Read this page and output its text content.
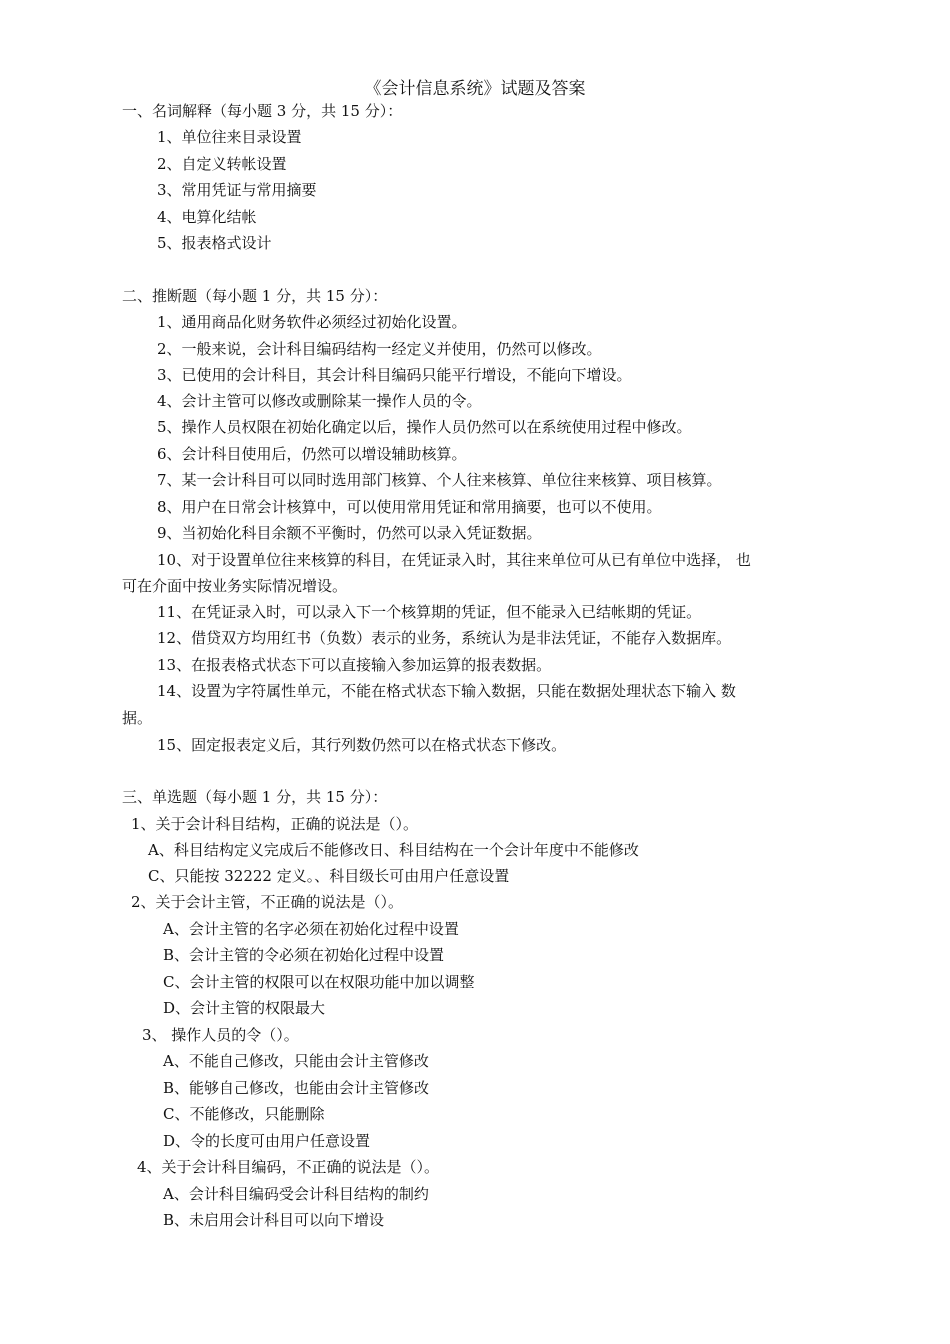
《会计信息系统》试题及答案
一、名词解释（每小题 3 分，共 15 分）：
1、单位往来目录设置
2、自定义转帐设置
3、常用凭证与常用摘要
4、电算化结帐
5、报表格式设计
二、推断题（每小题 1 分，共 15 分）：
1、通用商品化财务软件必须经过初始化设置。
2、一般来说，会计科目编码结构一经定义并使用，仍然可以修改。
3、已使用的会计科目，其会计科目编码只能平行增设，不能向下增设。
4、会计主管可以修改或删除某一操作人员的令。
5、操作人员权限在初始化确定以后，操作人员仍然可以在系统使用过程中修改。
6、会计科目使用后，仍然可以增设辅助核算。
7、某一会计科目可以同时选用部门核算、个人往来核算、单位往来核算、项目核算。
8、用户在日常会计核算中，可以使用常用凭证和常用摘要，也可以不使用。
9、当初始化科目余额不平衡时，仍然可以录入凭证数据。
10、对于设置单位往来核算的科目，在凭证录入时，其往来单位可从已有单位中选择， 也
可在介面中按业务实际情况增设。
11、在凭证录入时，可以录入下一个核算期的凭证，但不能录入已结帐期的凭证。
12、借贷双方均用红书（负数）表示的业务，系统认为是非法凭证，不能存入数据库。
13、在报表格式状态下可以直接输入参加运算的报表数据。
14、设置为字符属性单元，不能在格式状态下输入数据，只能在数据处理状态下输入 数
据。
15、固定报表定义后，其行列数仍然可以在格式状态下修改。
三、单选题（每小题 1 分，共 15 分）：
1、关于会计科目结构，正确的说法是（）。
A、科目结构定义完成后不能修改日、科目结构在一个会计年度中不能修改
C、只能按 32222 定义。、科目级长可由用户任意设置
2、关于会计主管，不正确的说法是（）。
A、会计主管的名字必须在初始化过程中设置
B、会计主管的令必须在初始化过程中设置
C、会计主管的权限可以在权限功能中加以调整
D、会计主管的权限最大
3、 操作人员的令（）。
A、不能自己修改，只能由会计主管修改
B、能够自己修改，也能由会计主管修改
C、不能修改，只能删除
D、令的长度可由用户任意设置
4、关于会计科目编码，不正确的说法是（）。
A、会计科目编码受会计科目结构的制约
B、未启用会计科目可以向下增设
